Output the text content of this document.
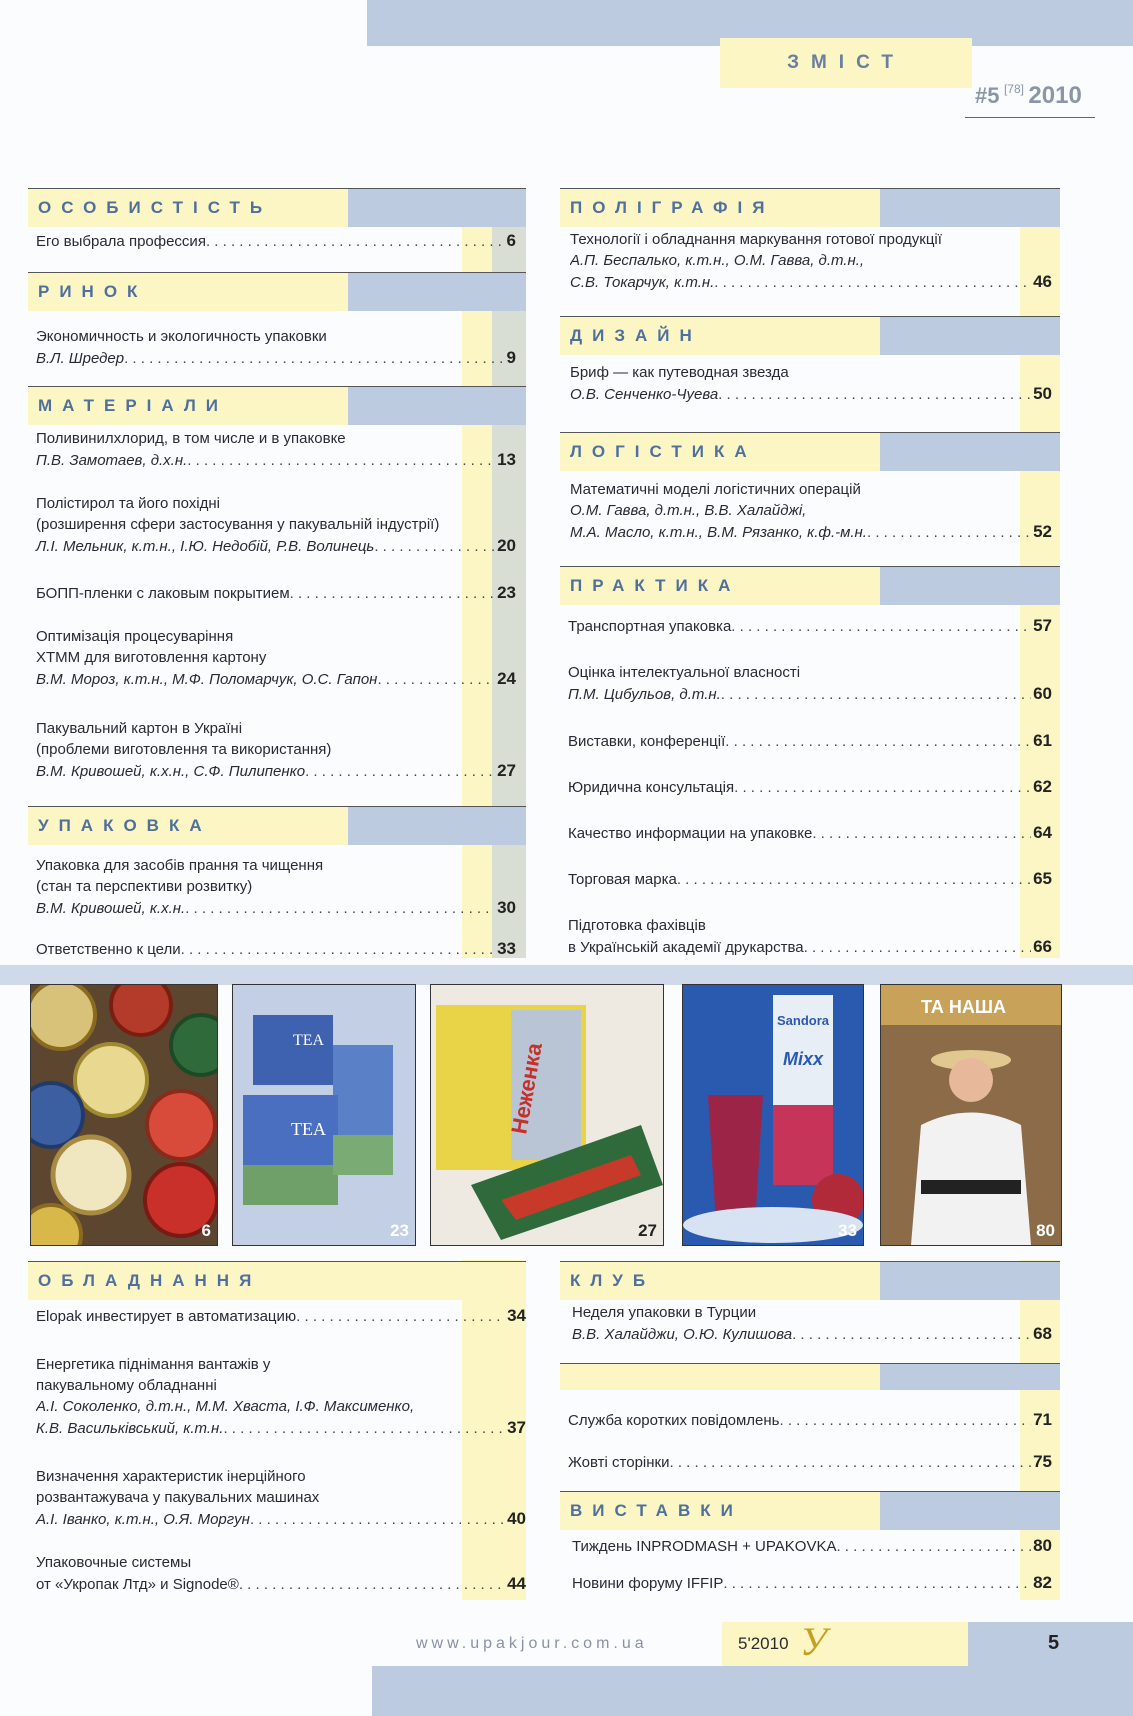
ЗМІСТ
#5 [78] 2010
ОСОБИСТІСТЬ
Его выбрала профессия . . .	6
РИНОК
Экономичность и экологичность упаковки
В.Л. Шредер . . .	9
МАТЕРІАЛИ
Поливинилхлорид, в том числе и в упаковке
П.В. Замотаев, д.х.н. . . .	13
Полістирол та його похідні
(розширення сфери застосування у пакувальній індустрії)
Л.І. Мельник, к.т.н., І.Ю. Недобій, Р.В. Волинець . . .	20
БОПП-пленки с лаковым покрытием . . .	23
Оптимізація процесуваріння
ХТММ для виготовлення картону
В.М. Мороз, к.т.н., М.Ф. Поломарчук, О.С. Гапон . . .	24
Пакувальний картон в Україні
(проблеми виготовлення та використання)
В.М. Кривошей, к.х.н., С.Ф. Пилипенко . . .	27
УПАКОВКА
Упаковка для засобів прання та чищення
(стан та перспективи розвитку)
В.М. Кривошей, к.х.н. . . .	30
Ответственно к цели . . .	33
ПОЛІГРАФІЯ
Технології і обладнання маркування готової продукції
А.П. Беспалько, к.т.н., О.М. Гавва, д.т.н.,
С.В. Токарчук, к.т.н. . . .	46
ДИЗАЙН
Бриф — как путеводная звезда
О.В. Сенченко-Чуева . . .	50
ЛОГІСТИКА
Математичні моделі логістичних операцій
О.М. Гавва, д.т.н., В.В. Халайджі,
М.А. Масло, к.т.н., В.М. Рязанко, к.ф.-м.н. . . .	52
ПРАКТИКА
Транспортная упаковка . . .	57
Оцінка інтелектуальної власності
П.М. Цибульов, д.т.н. . . .	60
Виставки, конференції . . .	61
Юридична консультація . . .	62
Качество информации на упаковке . . .	64
Торговая марка . . .	65
Підготовка фахівців
в Українській академії друкарства . . .	66
6
TEA
TEA
23
Неженка
27
Sandora
Mixx
33
ТА НАША
80
ОБЛАДНАННЯ
Elopak инвестирует в автоматизацию . . .	34
Енергетика піднімання вантажів у
пакувальному обладнанні
А.І. Соколенко, д.т.н., М.М. Хваста, І.Ф. Максименко,
К.В. Васильківський, к.т.н. . . .	37
Визначення характеристик інерційного
розвантажувача у пакувальних машинах
А.І. Іванко, к.т.н., О.Я. Моргун . . .	40
Упаковочные системы
от «Укропак Лтд» и Signode® . . .	44
КЛУБ
Неделя упаковки в Турции
В.В. Халайджи, О.Ю. Кулишова . . .	68
Служба коротких повідомлень . . .	71
Жовті сторінки . . .	75
ВИСТАВКИ
Тиждень INPRODMASH + UPAKOVKA . . .	80
Новини форуму IFFIP . . .	82
www.upakjour.com.ua	5'2010 У	5
